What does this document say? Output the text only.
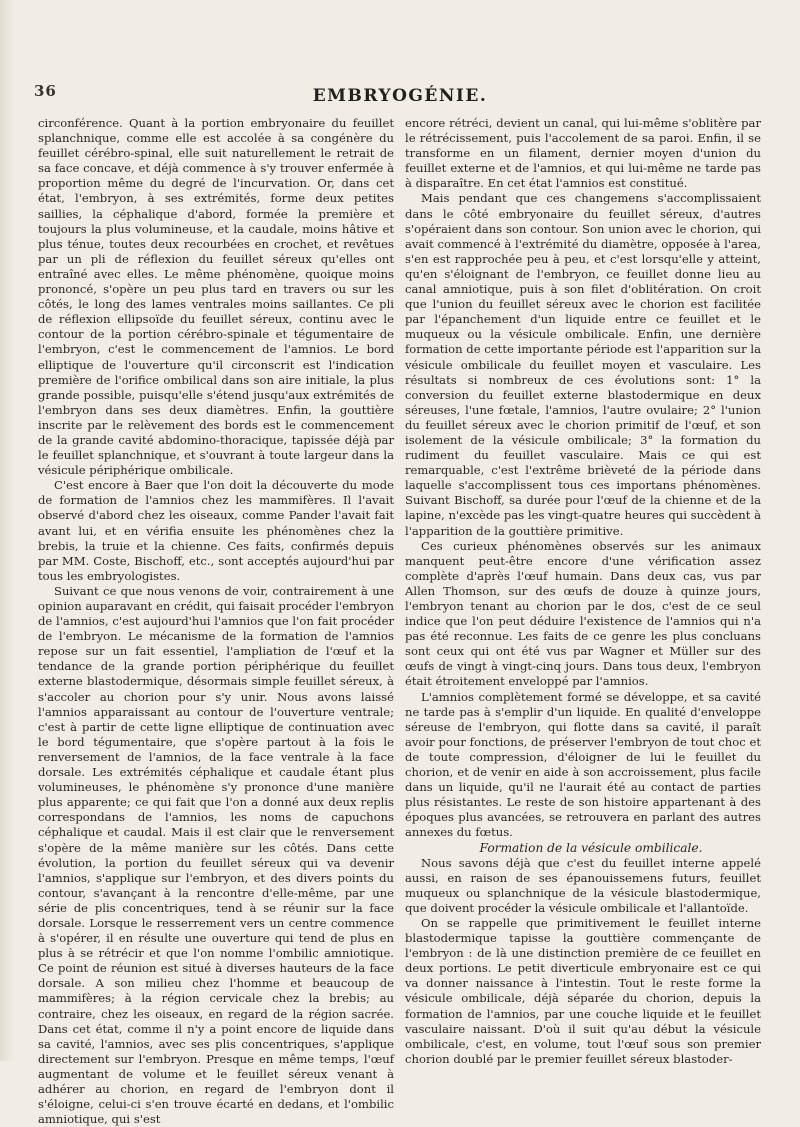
36	EMBRYOGÉNIE.

circonférence. Quant à la portion embryonaire du feuillet splanchnique, comme elle est accolée à sa congénère du feuillet cérébro-spinal, elle suit naturellement le retrait de sa face concave, et déjà commence à s'y trouver enfermée à proportion même du degré de l'incurvation. Or, dans cet état, l'embryon, à ses extrémités, forme deux petites saillies, la céphalique d'abord, formée la première et toujours la plus volumineuse, et la caudale, moins hâtive et plus ténue, toutes deux recourbées en crochet, et revêtues par un pli de réflexion du feuillet séreux qu'elles ont entraîné avec elles. Le même phénomène, quoique moins prononcé, s'opère un peu plus tard en travers ou sur les côtés, le long des lames ventrales moins saillantes. Ce pli de réflexion ellipsoïde du feuillet séreux, continu avec le contour de la portion cérébro-spinale et tégumentaire de l'embryon, c'est le commencement de l'amnios. Le bord elliptique de l'ouverture qu'il circonscrit est l'indication première de l'orifice ombilical dans son aire initiale, la plus grande possible, puisqu'elle s'étend jusqu'aux extrémités de l'embryon dans ses deux diamètres. Enfin, la gouttière inscrite par le relèvement des bords est le commencement de la grande cavité abdomino-thoracique, tapissée déjà par le feuillet splanchnique, et s'ouvrant à toute largeur dans la vésicule périphérique ombilicale.

C'est encore à Baer que l'on doit la découverte du mode de formation de l'amnios chez les mammifères. Il l'avait observé d'abord chez les oiseaux, comme Pander l'avait fait avant lui, et en vérifia ensuite les phénomènes chez la brebis, la truie et la chienne. Ces faits, confirmés depuis par MM. Coste, Bischoff, etc., sont acceptés aujourd'hui par tous les embryologistes.

Suivant ce que nous venons de voir, contrairement à une opinion auparavant en crédit, qui faisait procéder l'embryon de l'amnios, c'est aujourd'hui l'amnios que l'on fait procéder de l'embryon. Le mécanisme de la formation de l'amnios repose sur un fait essentiel, l'ampliation de l'œuf et la tendance de la grande portion périphérique du feuillet externe blastodermique, désormais simple feuillet séreux, à s'accoler au chorion pour s'y unir. Nous avons laissé l'amnios apparaissant au contour de l'ouverture ventrale; c'est à partir de cette ligne elliptique de continuation avec le bord tégumentaire, que s'opère partout à la fois le renversement de l'amnios, de la face ventrale à la face dorsale. Les extrémités céphalique et caudale étant plus volumineuses, le phénomène s'y prononce d'une manière plus apparente; ce qui fait que l'on a donné aux deux replis correspondans de l'amnios, les noms de capuchons céphalique et caudal. Mais il est clair que le renversement s'opère de la même manière sur les côtés. Dans cette évolution, la portion du feuillet séreux qui va devenir l'amnios, s'applique sur l'embryon, et des divers points du contour, s'avançant à la rencontre d'elle-même, par une série de plis concentriques, tend à se réunir sur la face dorsale. Lorsque le resserrement vers un centre commence à s'opérer, il en résulte une ouverture qui tend de plus en plus à se rétrécir et que l'on nomme l'ombilic amniotique. Ce point de réunion est situé à diverses hauteurs de la face dorsale. A son milieu chez l'homme et beaucoup de mammifères; à la région cervicale chez la brebis; au contraire, chez les oiseaux, en regard de la région sacrée. Dans cet état, comme il n'y a point encore de liquide dans sa cavité, l'amnios, avec ses plis concentriques, s'applique directement sur l'embryon. Presque en même temps, l'œuf augmentant de volume et le feuillet séreux venant à adhérer au chorion, en regard de l'embryon dont il s'éloigne, celui-ci s'en trouve écarté en dedans, et l'ombilic amniotique, qui s'est

encore rétréci, devient un canal, qui lui-même s'oblitère par le rétrécissement, puis l'accolement de sa paroi. Enfin, il se transforme en un filament, dernier moyen d'union du feuillet externe et de l'amnios, et qui lui-même ne tarde pas à disparaître. En cet état l'amnios est constitué.

Mais pendant que ces changemens s'accomplissaient dans le côté embryonaire du feuillet séreux, d'autres s'opéraient dans son contour. Son union avec le chorion, qui avait commencé à l'extrémité du diamètre, opposée à l'area, s'en est rapprochée peu à peu, et c'est lorsqu'elle y atteint, qu'en s'éloignant de l'embryon, ce feuillet donne lieu au canal amniotique, puis à son filet d'oblitération. On croit que l'union du feuillet séreux avec le chorion est facilitée par l'épanchement d'un liquide entre ce feuillet et le muqueux ou la vésicule ombilicale. Enfin, une dernière formation de cette importante période est l'apparition sur la vésicule ombilicale du feuillet moyen et vasculaire. Les résultats si nombreux de ces évolutions sont: 1° la conversion du feuillet externe blastodermique en deux séreuses, l'une fœtale, l'amnios, l'autre ovulaire; 2° l'union du feuillet séreux avec le chorion primitif de l'œuf, et son isolement de la vésicule ombilicale; 3° la formation du rudiment du feuillet vasculaire. Mais ce qui est remarquable, c'est l'extrême brièveté de la période dans laquelle s'accomplissent tous ces importans phénomènes. Suivant Bischoff, sa durée pour l'œuf de la chienne et de la lapine, n'excède pas les vingt-quatre heures qui succèdent à l'apparition de la gouttière primitive.

Ces curieux phénomènes observés sur les animaux manquent peut-être encore d'une vérification assez complète d'après l'œuf humain. Dans deux cas, vus par Allen Thomson, sur des œufs de douze à quinze jours, l'embryon tenant au chorion par le dos, c'est de ce seul indice que l'on peut déduire l'existence de l'amnios qui n'a pas été reconnue. Les faits de ce genre les plus concluans sont ceux qui ont été vus par Wagner et Müller sur des œufs de vingt à vingt-cinq jours. Dans tous deux, l'embryon était étroitement enveloppé par l'amnios.

L'amnios complètement formé se développe, et sa cavité ne tarde pas à s'emplir d'un liquide. En qualité d'enveloppe séreuse de l'embryon, qui flotte dans sa cavité, il paraît avoir pour fonctions, de préserver l'embryon de tout choc et de toute compression, d'éloigner de lui le feuillet du chorion, et de venir en aide à son accroissement, plus facile dans un liquide, qu'il ne l'aurait été au contact de parties plus résistantes. Le reste de son histoire appartenant à des époques plus avancées, se retrouvera en parlant des autres annexes du fœtus.

Formation de la vésicule ombilicale.

Nous savons déjà que c'est du feuillet interne appelé aussi, en raison de ses épanouissemens futurs, feuillet muqueux ou splanchnique de la vésicule blastodermique, que doivent procéder la vésicule ombilicale et l'allantoïde.

On se rappelle que primitivement le feuillet interne blastodermique tapisse la gouttière commençante de l'embryon : de là une distinction première de ce feuillet en deux portions. Le petit diverticule embryonaire est ce qui va donner naissance à l'intestin. Tout le reste forme la vésicule ombilicale, déjà séparée du chorion, depuis la formation de l'amnios, par une couche liquide et le feuillet vasculaire naissant. D'où il suit qu'au début la vésicule ombilicale, c'est, en volume, tout l'œuf sous son premier chorion doublé par le premier feuillet séreux blastoder-
